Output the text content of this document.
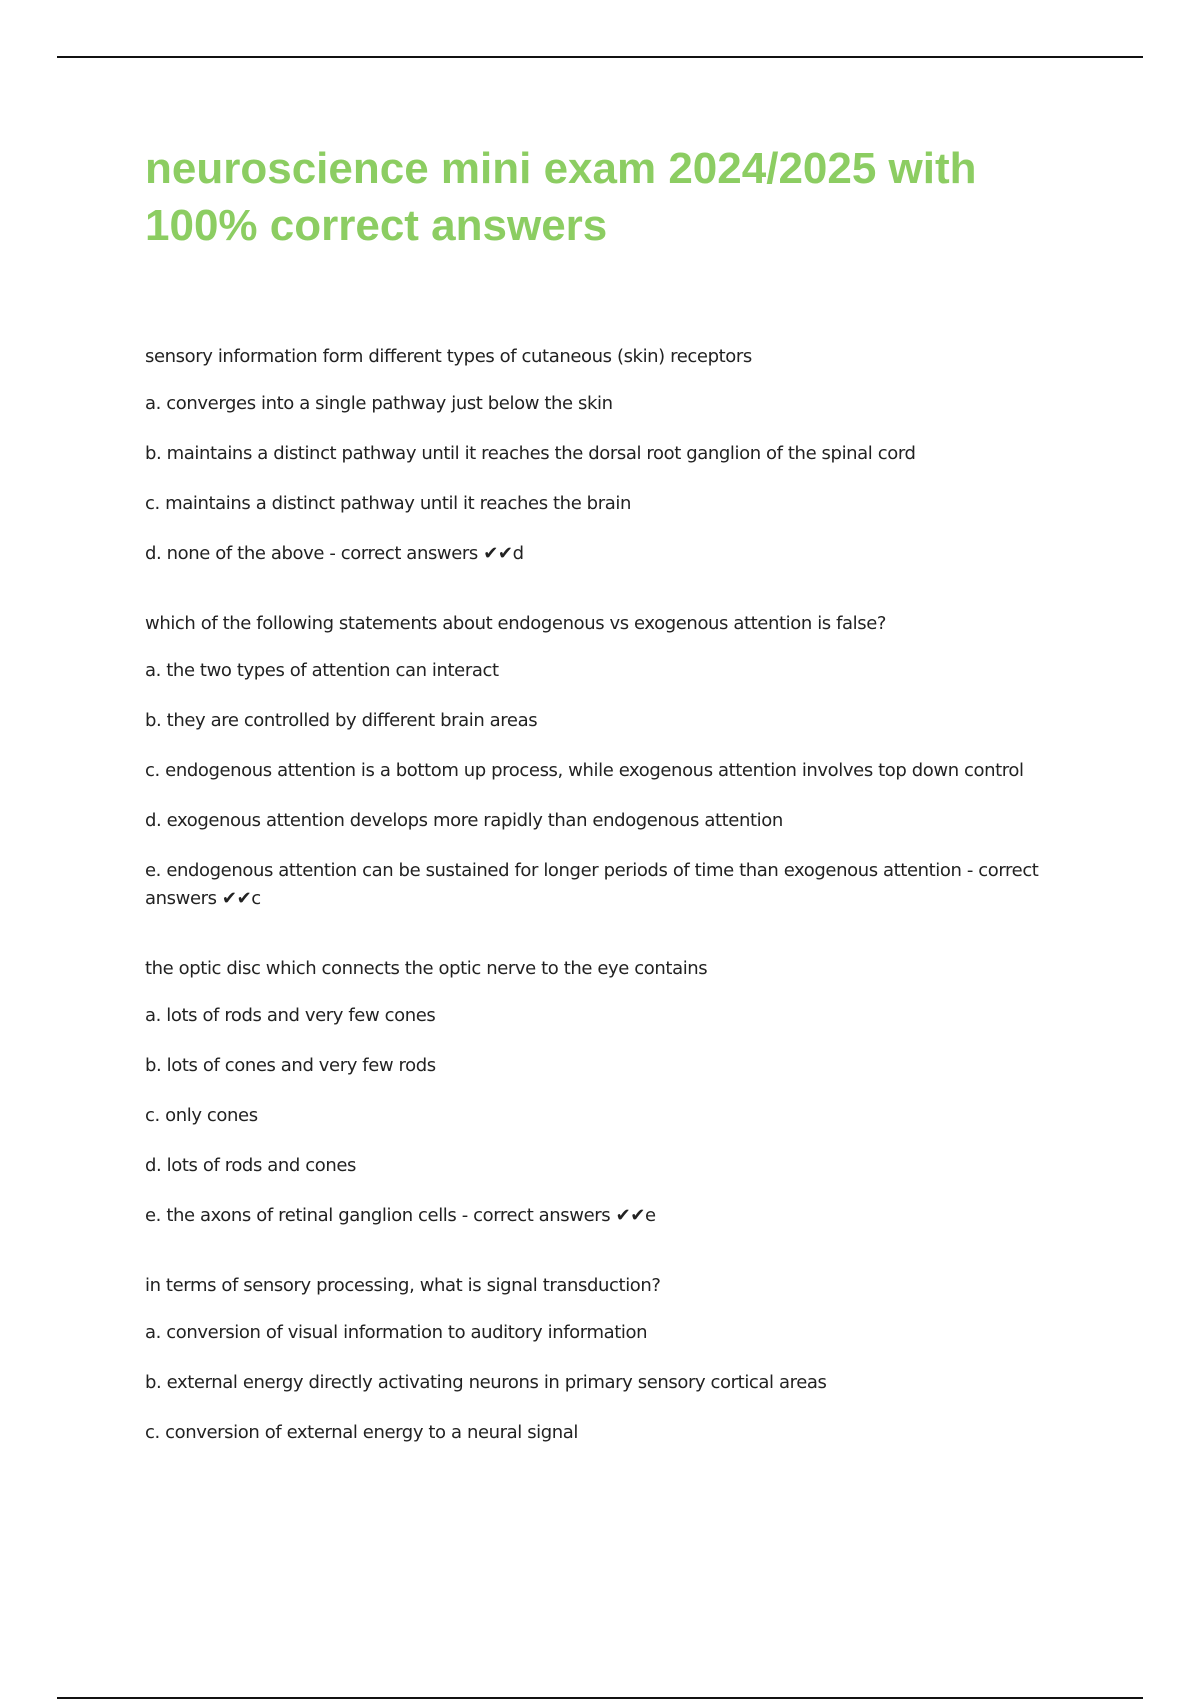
neuroscience mini exam 2024/2025 with 100% correct answers

sensory information form different types of cutaneous (skin) receptors

a. converges into a single pathway just below the skin

b. maintains a distinct pathway until it reaches the dorsal root ganglion of the spinal cord

c. maintains a distinct pathway until it reaches the brain

d. none of the above - correct answers ✔✔d

which of the following statements about endogenous vs exogenous attention is false?

a. the two types of attention can interact

b. they are controlled by different brain areas

c. endogenous attention is a bottom up process, while exogenous attention involves top down control

d. exogenous attention develops more rapidly than endogenous attention

e. endogenous attention can be sustained for longer periods of time than exogenous attention - correct answers ✔✔c

the optic disc which connects the optic nerve to the eye contains

a. lots of rods and very few cones

b. lots of cones and very few rods

c. only cones

d. lots of rods and cones

e. the axons of retinal ganglion cells - correct answers ✔✔e

in terms of sensory processing, what is signal transduction?

a. conversion of visual information to auditory information

b. external energy directly activating neurons in primary sensory cortical areas

c. conversion of external energy to a neural signal
